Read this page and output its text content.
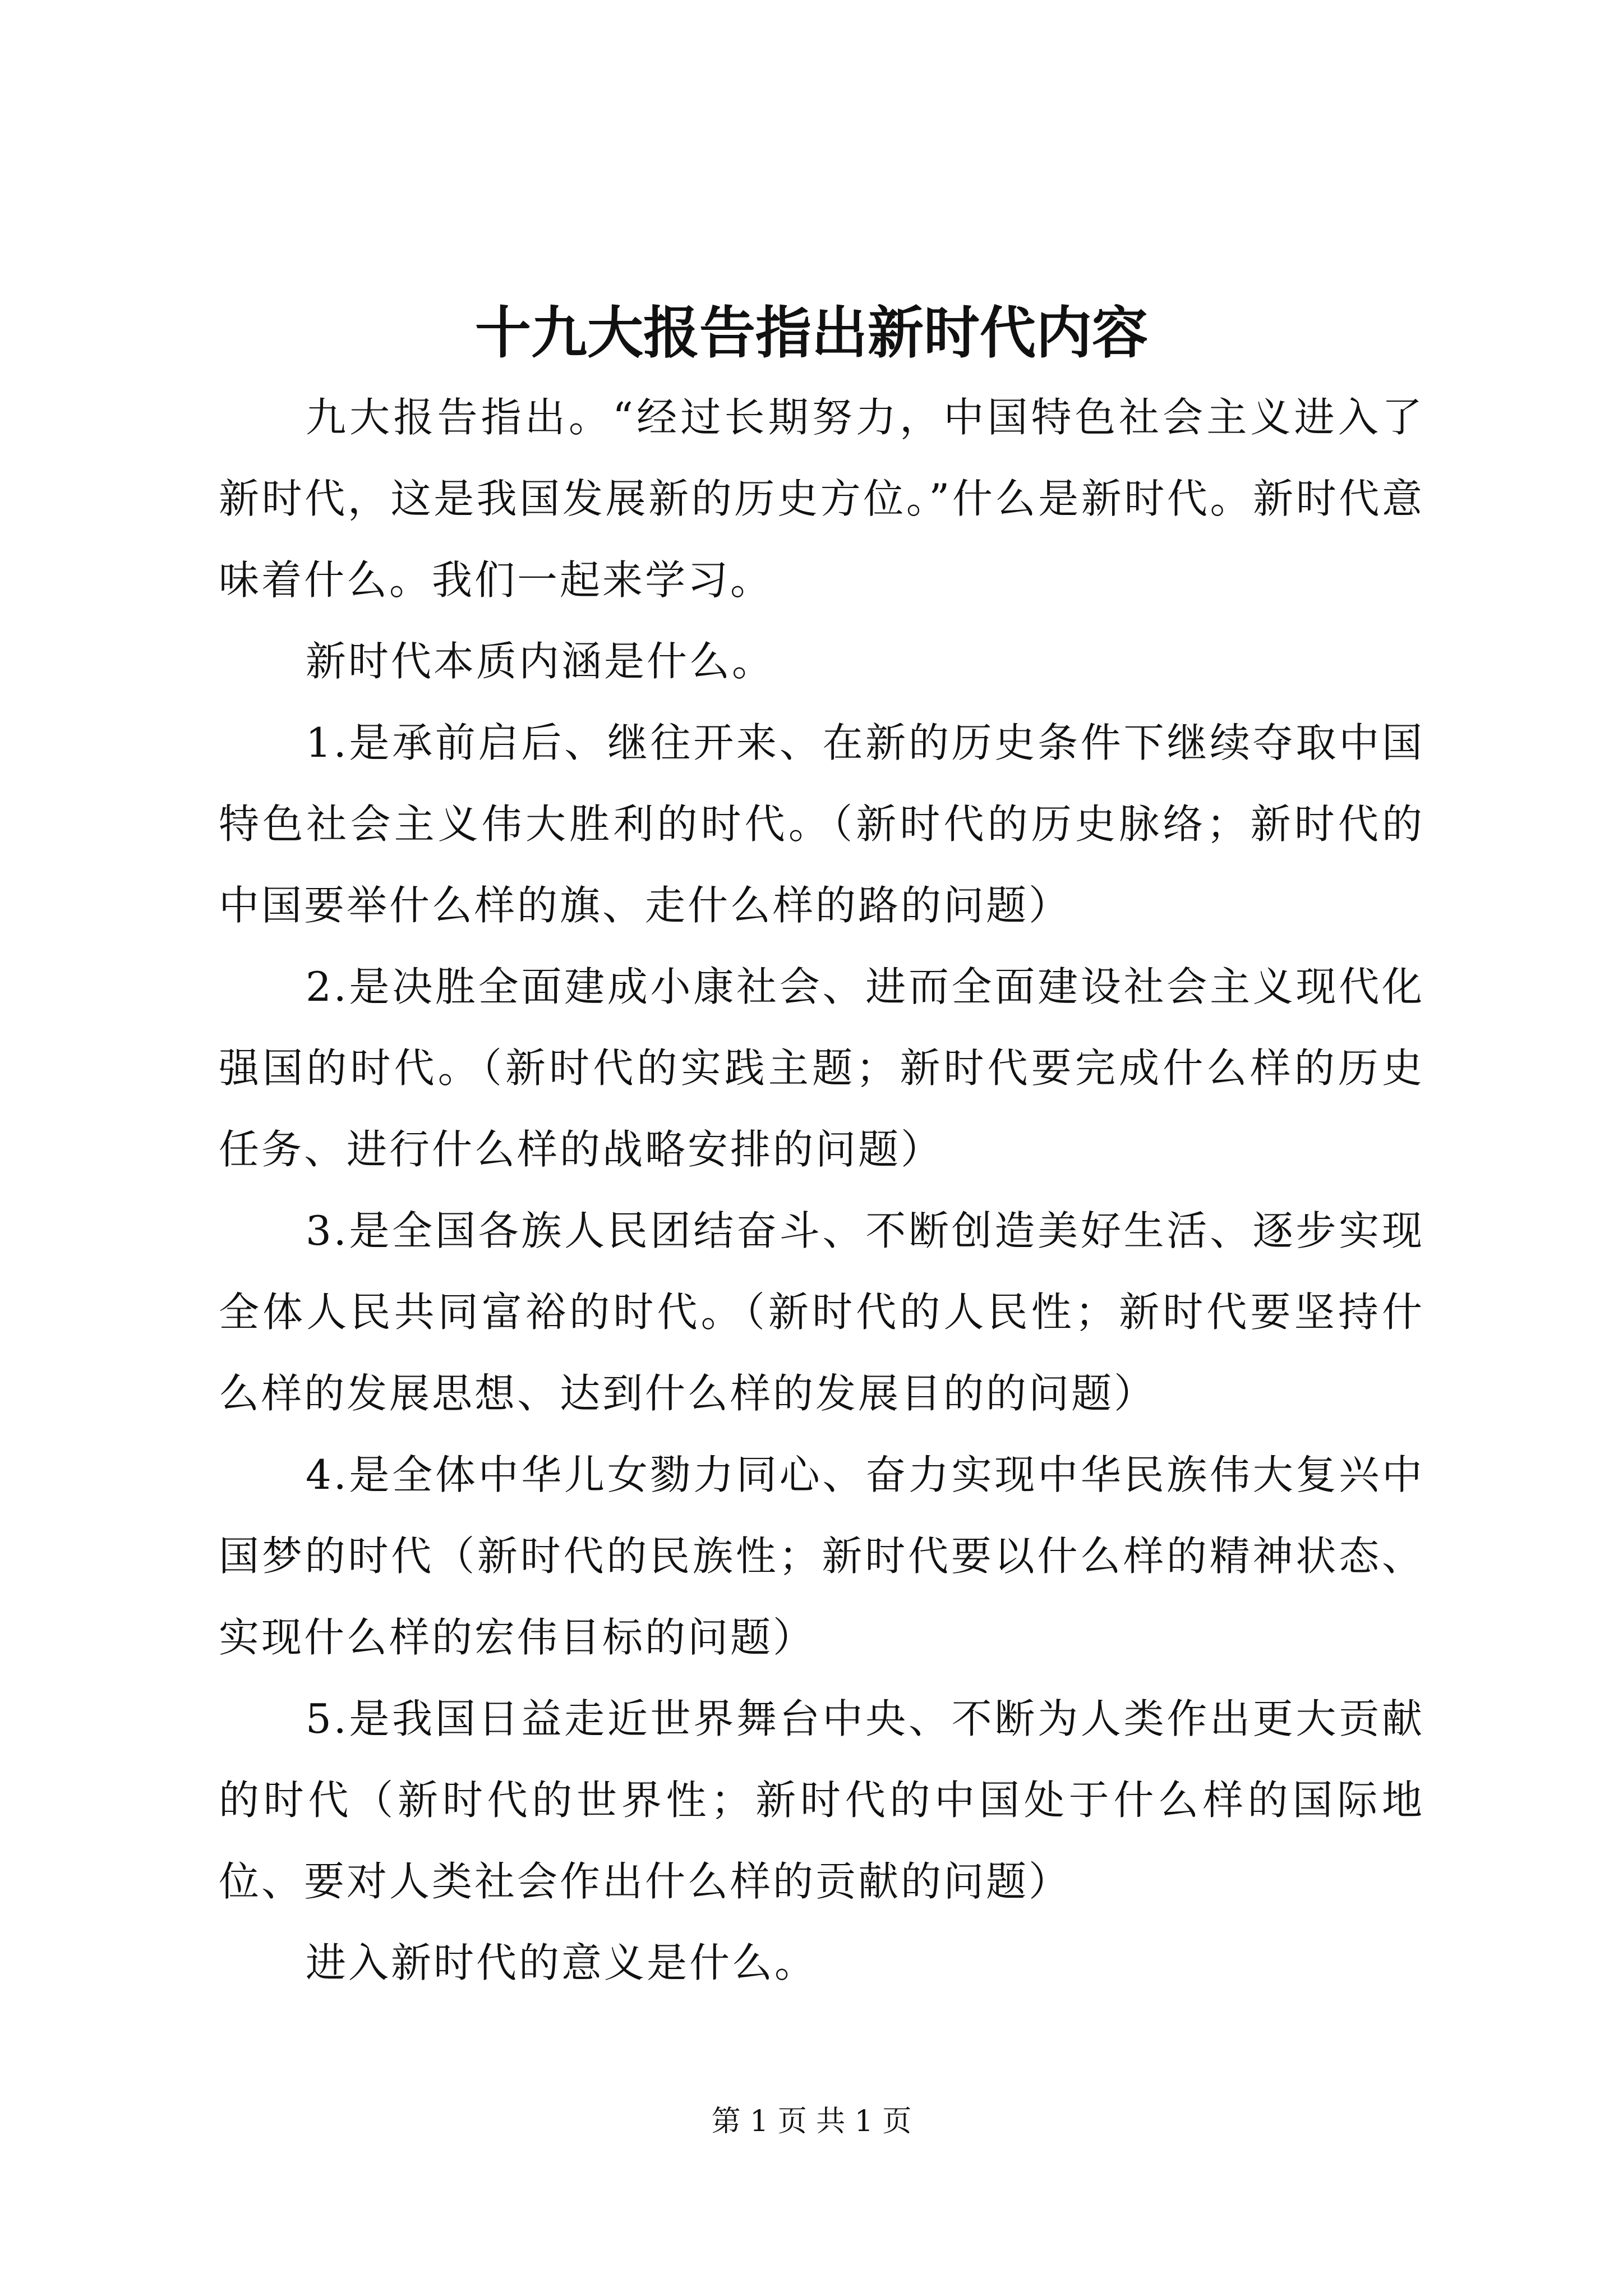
十九大报告指出新时代内容

九大报告指出。“经过长期努力，中国特色社会主义进入了新时代，这是我国发展新的历史方位。”什么是新时代。新时代意味着什么。我们一起来学习。

新时代本质内涵是什么。

1.是承前启后、继往开来、在新的历史条件下继续夺取中国特色社会主义伟大胜利的时代。（新时代的历史脉络；新时代的中国要举什么样的旗、走什么样的路的问题）

2.是决胜全面建成小康社会、进而全面建设社会主义现代化强国的时代。（新时代的实践主题；新时代要完成什么样的历史任务、进行什么样的战略安排的问题）

3.是全国各族人民团结奋斗、不断创造美好生活、逐步实现全体人民共同富裕的时代。（新时代的人民性；新时代要坚持什么样的发展思想、达到什么样的发展目的的问题）

4.是全体中华儿女勠力同心、奋力实现中华民族伟大复兴中国梦的时代（新时代的民族性；新时代要以什么样的精神状态、实现什么样的宏伟目标的问题）

5.是我国日益走近世界舞台中央、不断为人类作出更大贡献的时代（新时代的世界性；新时代的中国处于什么样的国际地位、要对人类社会作出什么样的贡献的问题）

进入新时代的意义是什么。

第 1 页 共 1 页
